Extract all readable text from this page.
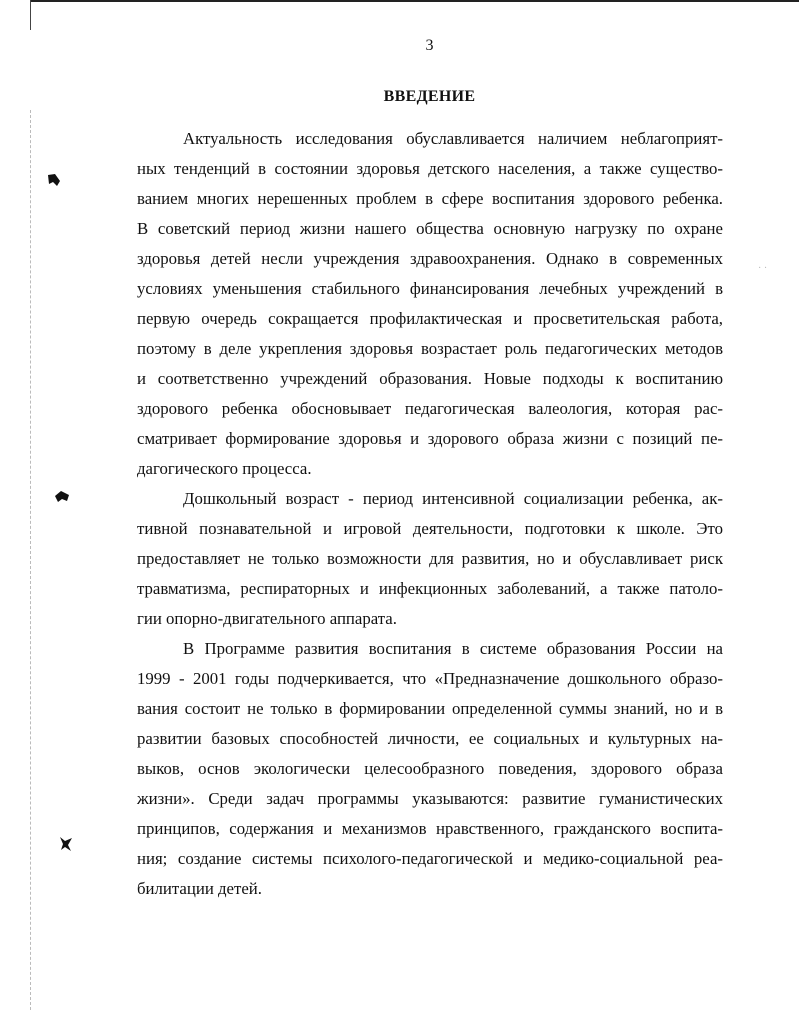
3
ВВЕДЕНИЕ
· ·
Актуальность исследования обуславливается наличием неблагоприят-
ных тенденций в состоянии здоровья детского населения, а также существо-
ванием многих нерешенных проблем в сфере воспитания здорового ребенка.
В советский период жизни нашего общества основную нагрузку по охране
здоровья детей несли учреждения здравоохранения. Однако в современных
условиях уменьшения стабильного финансирования лечебных учреждений в
первую очередь сокращается профилактическая и просветительская работа,
поэтому в деле укрепления здоровья возрастает роль педагогических методов
и соответственно учреждений образования. Новые подходы к воспитанию
здорового ребенка обосновывает педагогическая валеология, которая рас-
сматривает формирование здоровья и здорового образа жизни с позиций пе-
дагогического процесса.
Дошкольный возраст - период интенсивной социализации ребенка, ак-
тивной познавательной и игровой деятельности, подготовки к школе. Это
предоставляет не только возможности для развития, но и обуславливает риск
травматизма, респираторных и инфекционных заболеваний, а также патоло-
гии опорно-двигательного аппарата.
В Программе развития воспитания в системе образования России на
1999 - 2001 годы подчеркивается, что «Предназначение дошкольного образо-
вания состоит не только в формировании определенной суммы знаний, но и в
развитии базовых способностей личности, ее социальных и культурных на-
выков, основ экологически целесообразного поведения, здорового образа
жизни». Среди задач программы указываются: развитие гуманистических
принципов, содержания и механизмов нравственного, гражданского воспита-
ния; создание системы психолого-педагогической и медико-социальной реа-
билитации детей.
